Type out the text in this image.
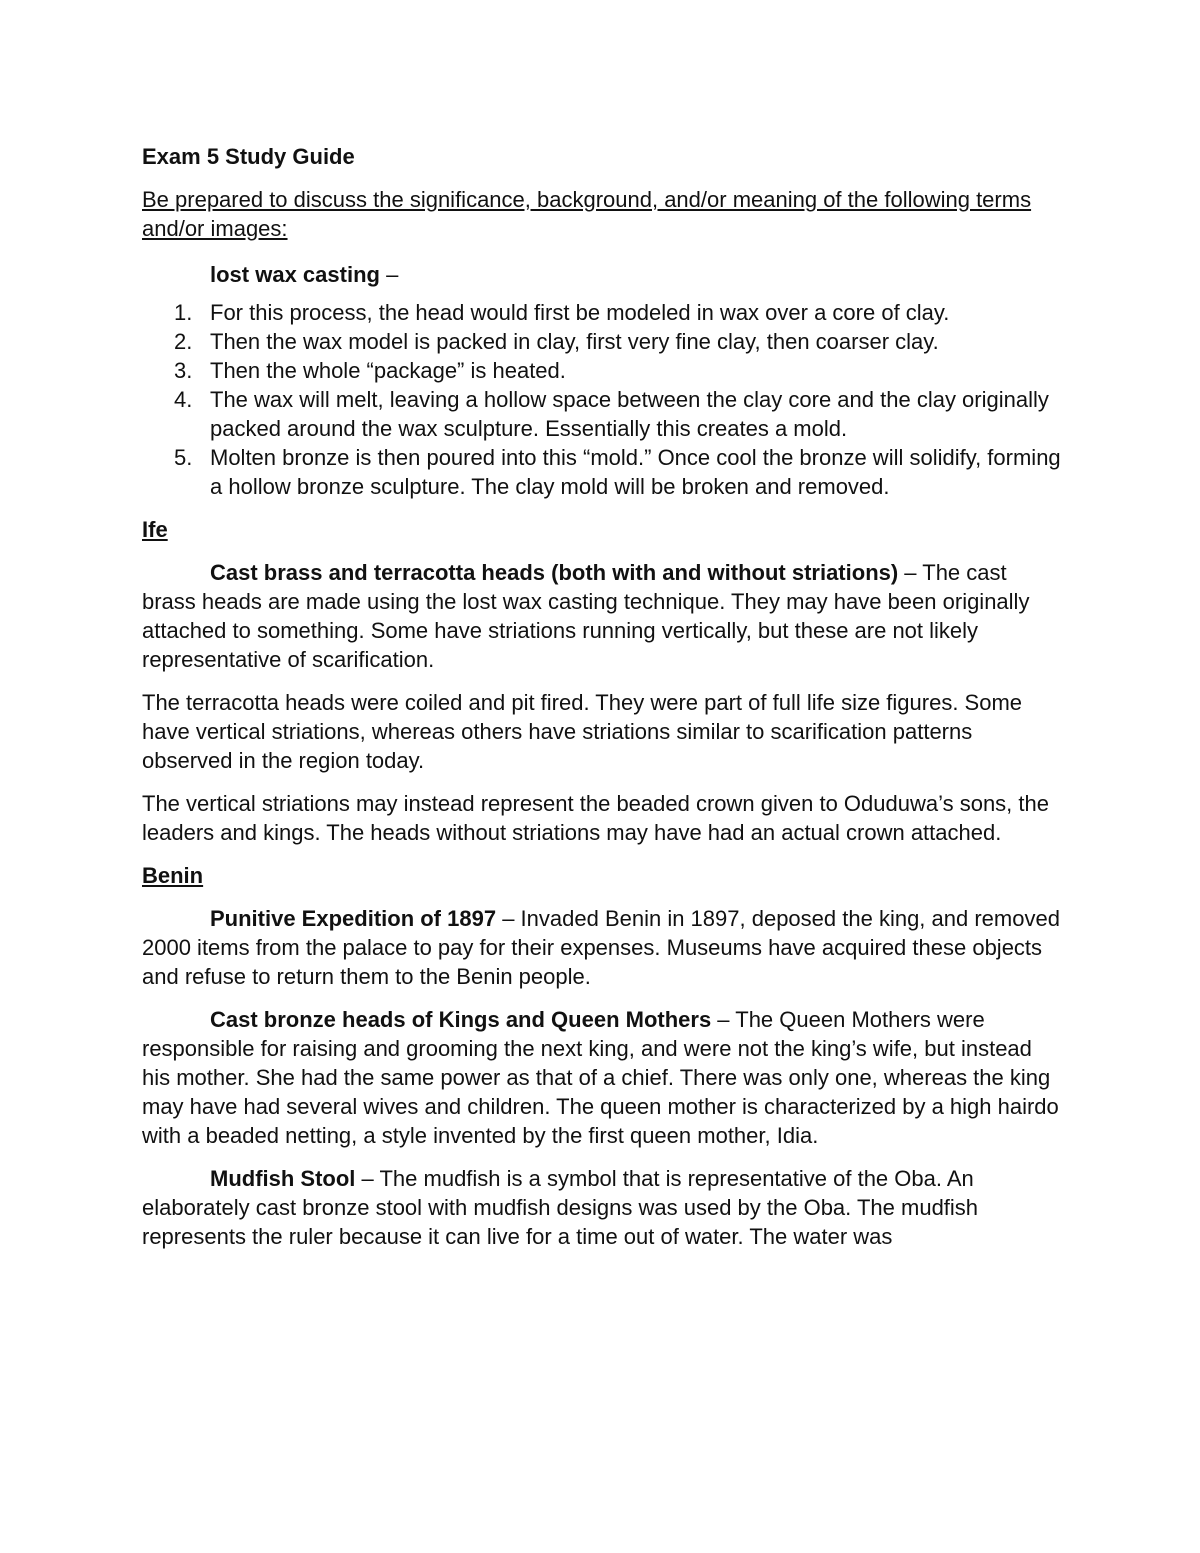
Exam 5 Study Guide
Be prepared to discuss the significance, background, and/or meaning of the following terms and/or images:
lost wax casting –
1. For this process, the head would first be modeled in wax over a core of clay.
2. Then the wax model is packed in clay, first very fine clay, then coarser clay.
3. Then the whole “package” is heated.
4. The wax will melt, leaving a hollow space between the clay core and the clay originally packed around the wax sculpture. Essentially this creates a mold.
5. Molten bronze is then poured into this “mold.” Once cool the bronze will solidify, forming a hollow bronze sculpture. The clay mold will be broken and removed.
Ife

Cast brass and terracotta heads (both with and without striations) – The cast brass heads are made using the lost wax casting technique. They may have been originally attached to something. Some have striations running vertically, but these are not likely representative of scarification.

The terracotta heads were coiled and pit fired. They were part of full life size figures. Some have vertical striations, whereas others have striations similar to scarification patterns observed in the region today.

The vertical striations may instead represent the beaded crown given to Oduduwa’s sons, the leaders and kings. The heads without striations may have had an actual crown attached.

Benin

Punitive Expedition of 1897 – Invaded Benin in 1897, deposed the king, and removed 2000 items from the palace to pay for their expenses. Museums have acquired these objects and refuse to return them to the Benin people.

Cast bronze heads of Kings and Queen Mothers – The Queen Mothers were responsible for raising and grooming the next king, and were not the king’s wife, but instead his mother. She had the same power as that of a chief. There was only one, whereas the king may have had several wives and children. The queen mother is characterized by a high hairdo with a beaded netting, a style invented by the first queen mother, Idia.

Mudfish Stool – The mudfish is a symbol that is representative of the Oba. An elaborately cast bronze stool with mudfish designs was used by the Oba. The mudfish represents the ruler because it can live for a time out of water. The water was
